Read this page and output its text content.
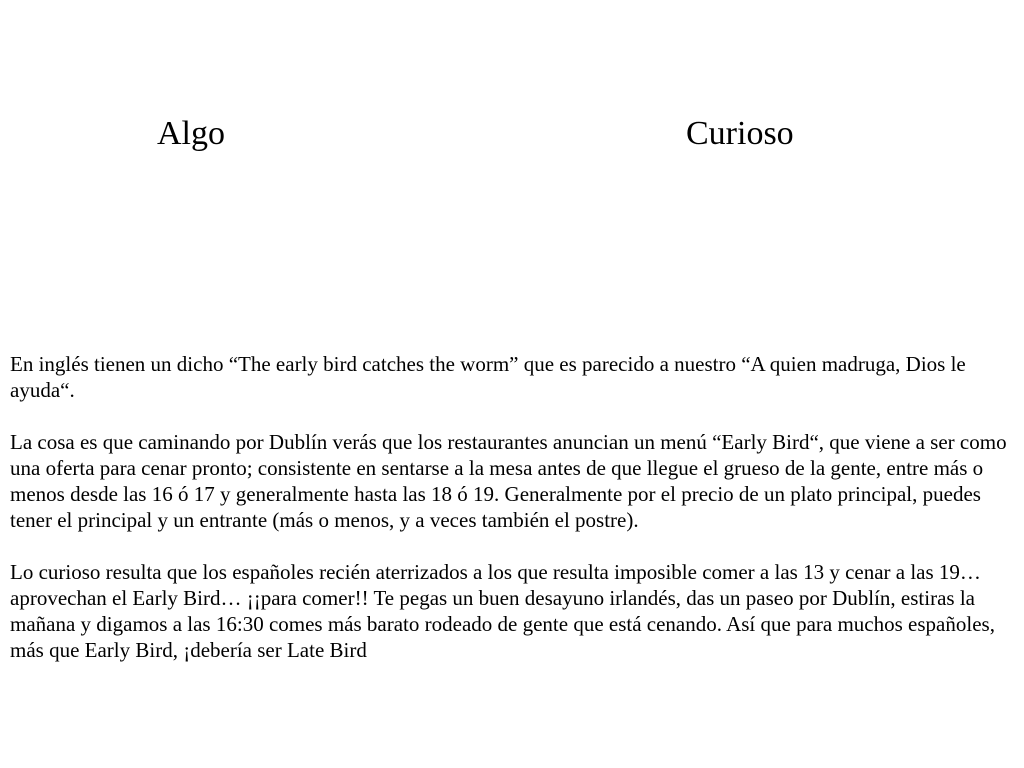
Algo	Curioso

En inglés tienen un dicho “The early bird catches the worm” que es parecido a nuestro “A quien madruga, Dios le ayuda“.

La cosa es que caminando por Dublín verás que los restaurantes anuncian un menú “Early Bird“, que viene a ser como una oferta para cenar pronto; consistente en sentarse a la mesa antes de que llegue el grueso de la gente, entre más o menos desde las 16 ó 17 y generalmente hasta las 18 ó 19. Generalmente por el precio de un plato principal, puedes tener el principal y un entrante (más o menos, y a veces también el postre).

Lo curioso resulta que los españoles recién aterrizados a los que resulta imposible comer a las 13 y cenar a las 19… aprovechan el Early Bird… ¡¡para comer!! Te pegas un buen desayuno irlandés, das un paseo por Dublín, estiras la mañana y digamos a las 16:30 comes más barato rodeado de gente que está cenando. Así que para muchos españoles, más que Early Bird, ¡debería ser Late Bird
